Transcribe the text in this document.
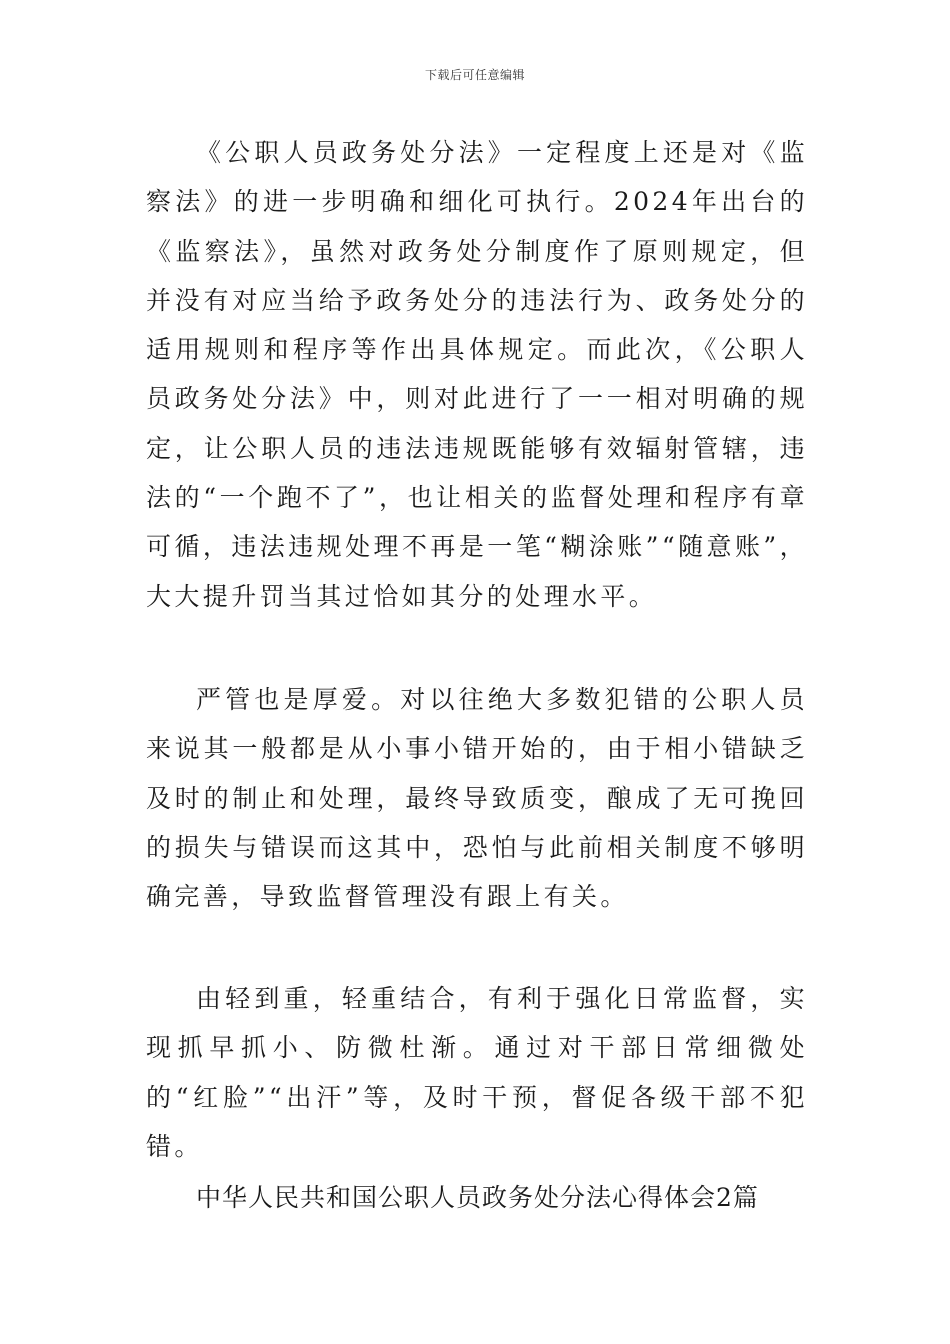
下载后可任意编辑

《公职人员政务处分法》一定程度上还是对《监察法》的进一步明确和细化可执行。2024年出台的《监察法》，虽然对政务处分制度作了原则规定，但并没有对应当给予政务处分的违法行为、政务处分的适用规则和程序等作出具体规定。而此次，《公职人员政务处分法》中，则对此进行了一一相对明确的规定，让公职人员的违法违规既能够有效辐射管辖，违法的“一个跑不了”，也让相关的监督处理和程序有章可循，违法违规处理不再是一笔“糊涂账”“随意账”，大大提升罚当其过恰如其分的处理水平。

严管也是厚爱。对以往绝大多数犯错的公职人员来说其一般都是从小事小错开始的，由于相小错缺乏及时的制止和处理，最终导致质变，酿成了无可挽回的损失与错误而这其中，恐怕与此前相关制度不够明确完善，导致监督管理没有跟上有关。

由轻到重，轻重结合，有利于强化日常监督，实现抓早抓小、防微杜渐。通过对干部日常细微处的“红脸”“出汗”等，及时干预，督促各级干部不犯错。

中华人民共和国公职人员政务处分法心得体会2篇
